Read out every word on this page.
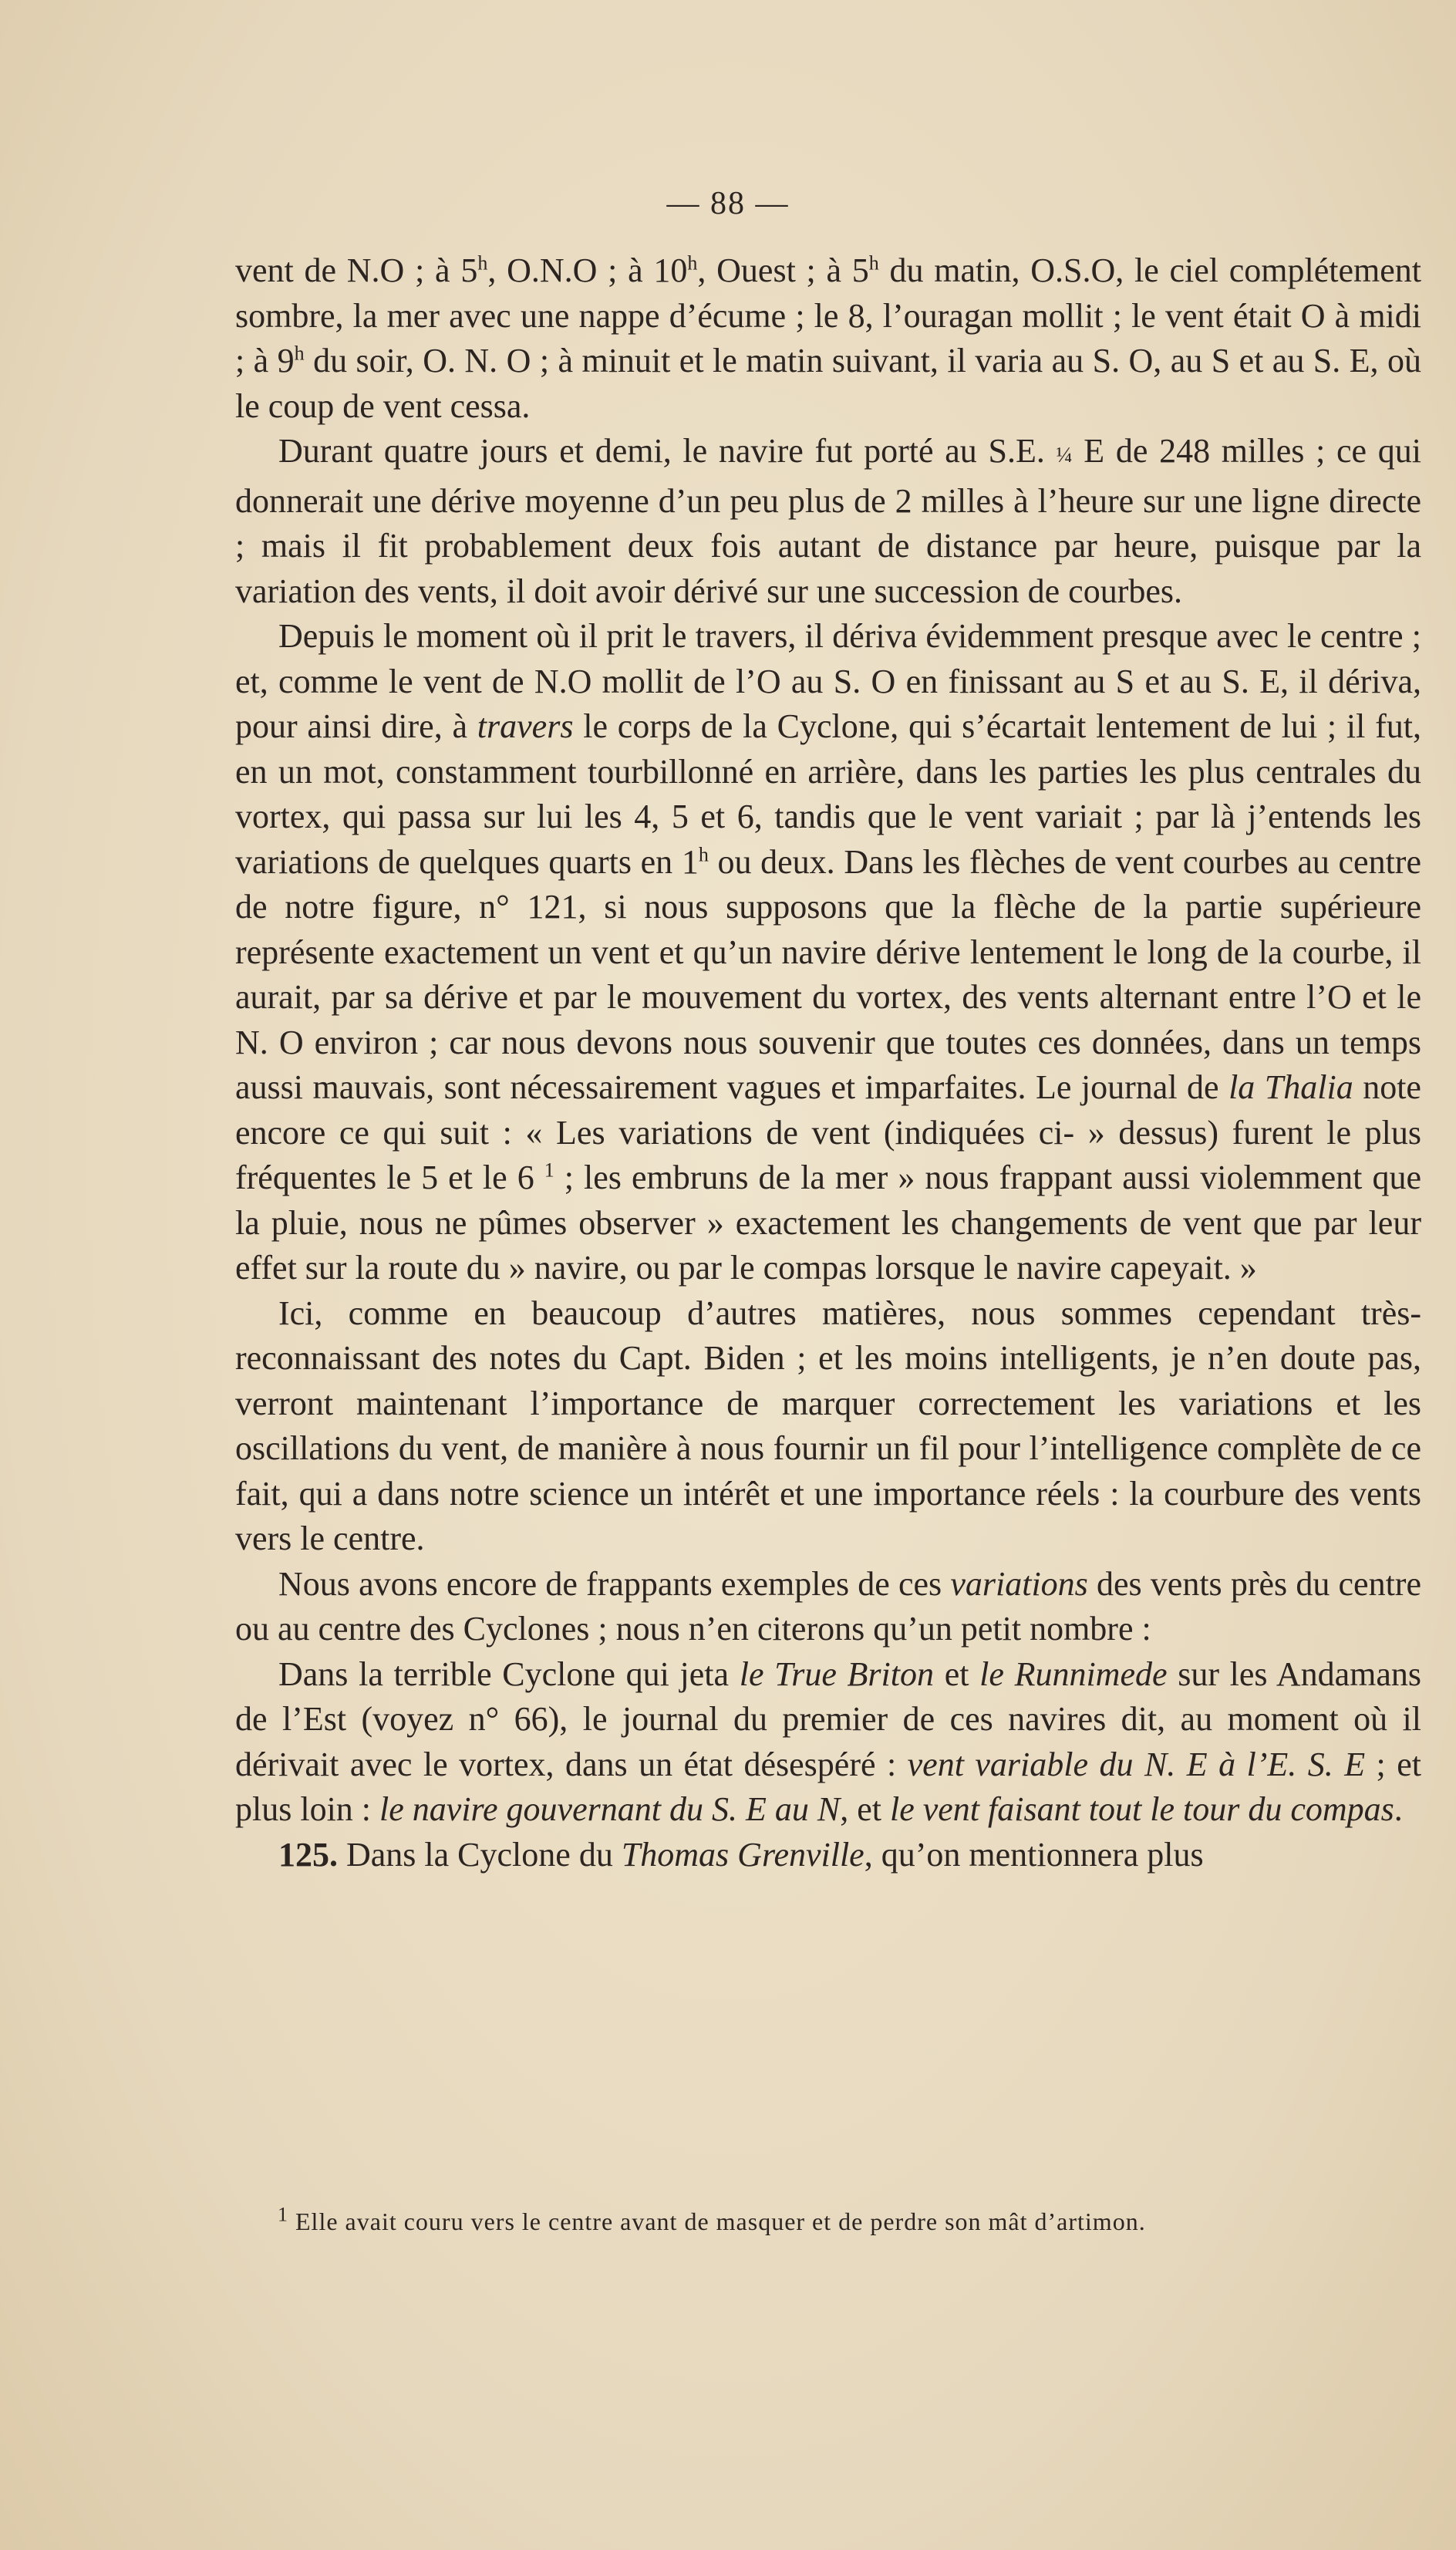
— 88 —

vent de N.O ; à 5$^h$, O.N.O ; à 10$^h$, Ouest ; à 5$^h$ du matin, O.S.O, le ciel complétement sombre, la mer avec une nappe d’écume ; le 8, l’ouragan mollit ; le vent était O à midi ; à 9$^h$ du soir, O. N. O ; à minuit et le matin suivant, il varia au S. O, au S et au S. E, où le coup de vent cessa.

Durant quatre jours et demi, le navire fut porté au S.E. ¼ E de 248 milles ; ce qui donnerait une dérive moyenne d’un peu plus de 2 milles à l’heure sur une ligne directe ; mais il fit probablement deux fois autant de distance par heure, puisque par la variation des vents, il doit avoir dérivé sur une succession de courbes.

Depuis le moment où il prit le travers, il dériva évidemment presque avec le centre ; et, comme le vent de N.O mollit de l’O au S. O en finissant au S et au S. E, il dériva, pour ainsi dire, à travers le corps de la Cyclone, qui s’écartait lentement de lui ; il fut, en un mot, constamment tourbillonné en arrière, dans les parties les plus centrales du vortex, qui passa sur lui les 4, 5 et 6, tandis que le vent variait ; par là j’entends les variations de quelques quarts en 1$^h$ ou deux. Dans les flèches de vent courbes au centre de notre figure, n° 121, si nous supposons que la flèche de la partie supérieure représente exactement un vent et qu’un navire dérive lentement le long de la courbe, il aurait, par sa dérive et par le mouvement du vortex, des vents alternant entre l’O et le N. O environ ; car nous devons nous souvenir que toutes ces données, dans un temps aussi mauvais, sont nécessairement vagues et imparfaites. Le journal de la Thalia note encore ce qui suit : « Les variations de vent (indiquées ci- » dessus) furent le plus fréquentes le 5 et le 6 $^1$ ; les embruns de la mer » nous frappant aussi violemment que la pluie, nous ne pûmes observer » exactement les changements de vent que par leur effet sur la route du » navire, ou par le compas lorsque le navire capeyait. »

Ici, comme en beaucoup d’autres matières, nous sommes cependant très-reconnaissant des notes du Capt. Biden ; et les moins intelligents, je n’en doute pas, verront maintenant l’importance de marquer correctement les variations et les oscillations du vent, de manière à nous fournir un fil pour l’intelligence complète de ce fait, qui a dans notre science un intérêt et une importance réels : la courbure des vents vers le centre.

Nous avons encore de frappants exemples de ces variations des vents près du centre ou au centre des Cyclones ; nous n’en citerons qu’un petit nombre :

Dans la terrible Cyclone qui jeta le True Briton et le Runnimede sur les Andamans de l’Est (voyez n° 66), le journal du premier de ces navires dit, au moment où il dérivait avec le vortex, dans un état désespéré : vent variable du N. E à l’E. S. E ; et plus loin : le navire gouvernant du S. E au N, et le vent faisant tout le tour du compas.

125. Dans la Cyclone du Thomas Grenville, qu’on mentionnera plus

$^1$ Elle avait couru vers le centre avant de masquer et de perdre son mât d’artimon.
